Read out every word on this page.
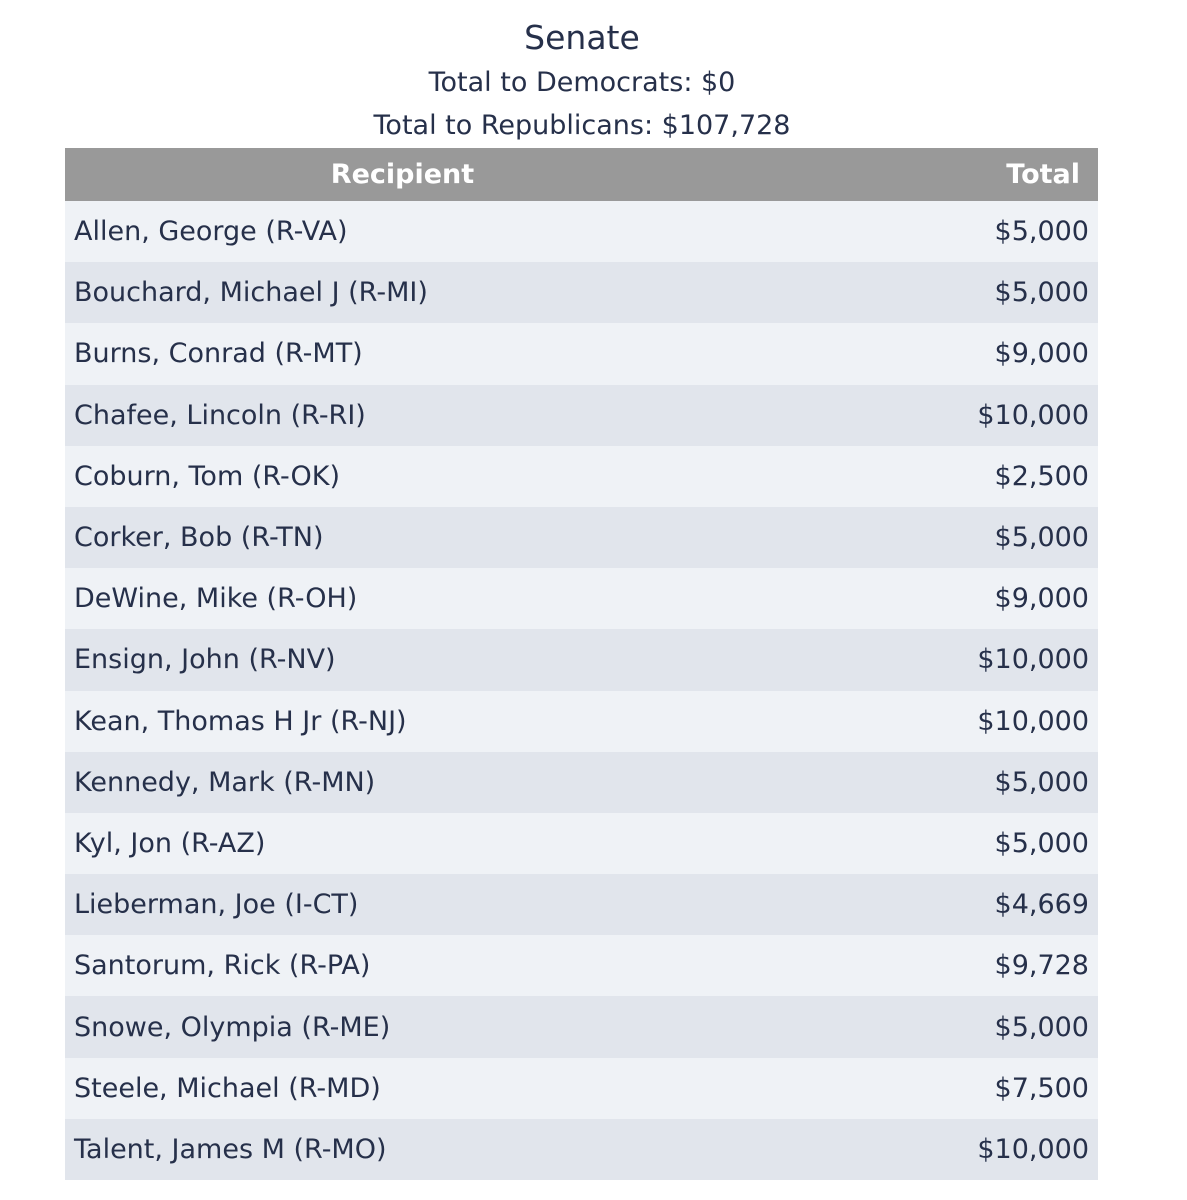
Senate
Total to Democrats: $0
Total to Republicans: $107,728
Recipient	Total
Allen, George (R-VA)	$5,000
Bouchard, Michael J (R-MI)	$5,000
Burns, Conrad (R-MT)	$9,000
Chafee, Lincoln (R-RI)	$10,000
Coburn, Tom (R-OK)	$2,500
Corker, Bob (R-TN)	$5,000
DeWine, Mike (R-OH)	$9,000
Ensign, John (R-NV)	$10,000
Kean, Thomas H Jr (R-NJ)	$10,000
Kennedy, Mark (R-MN)	$5,000
Kyl, Jon (R-AZ)	$5,000
Lieberman, Joe (I-CT)	$4,669
Santorum, Rick (R-PA)	$9,728
Snowe, Olympia (R-ME)	$5,000
Steele, Michael (R-MD)	$7,500
Talent, James M (R-MO)	$10,000
